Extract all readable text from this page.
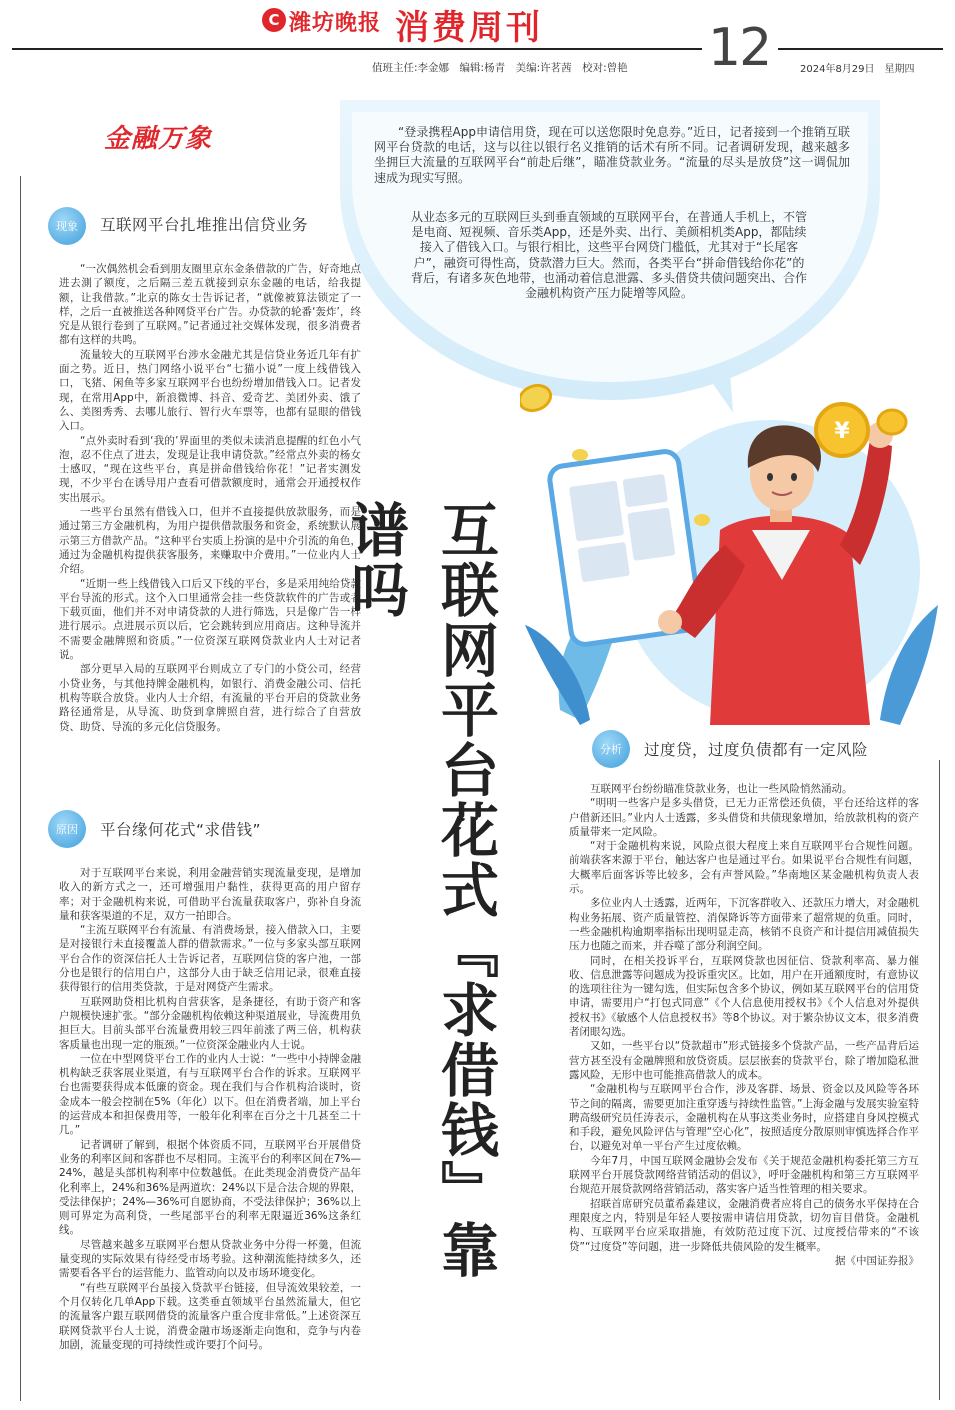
C 潍坊晚报 消费周刊	12
值班主任:李金娜　编辑:杨青　美编:许茗茜　校对:曾艳	2024年8月29日　星期四
金融万象	“登录携程App申请信用贷，现在可以送您限时免息券。”近日，记者接到一个推销互联网平台贷款的电话，这与以往以银行名义推销的话术有所不同。记者调研发现，越来越多坐拥巨大流量的互联网平台“前赴后继”，瞄准贷款业务。“流量的尽头是放贷”这一调侃加速成为现实写照。
从业态多元的互联网巨头到垂直领域的互联网平台，在普通人手机上，不管是电商、短视频、音乐类App，还是外卖、出行、美颜相机类App，都陆续接入了借钱入口。与银行相比，这些平台网贷门槛低，尤其对于“长尾客户”，融资可得性高，贷款潜力巨大。然而，各类平台“拼命借钱给你花”的背后，有诸多灰色地带，也涌动着信息泄露、多头借贷共债问题突出、合作金融机构资产压力陡增等风险。
现象	互联网平台扎堆推出信贷业务

“一次偶然机会看到朋友圈里京东金条借款的广告，好奇地点进去測了额度，之后隔三差五就接到京东金融的电话，给我提额，让我借款。”北京的陈女士告诉记者，“就像被算法锁定了一样，之后一直被推送各种网贷平台广告。办贷款的轮番‘轰炸’，终究是从银行卷到了互联网。”记者通过社交媒体发现，很多消费者都有这样的共鸣。

流量较大的互联网平台涉水金融尤其是信贷业务近几年有扩面之势。近日，热门网络小说平台“七猫小说”一度上线借钱入口，飞猪、闲鱼等多家互联网平台也纷纷增加借钱入口。记者发现，在常用App中，新浪微博、抖音、爱奇艺、美团外卖、饿了么、美图秀秀、去哪儿旅行、智行火车票等，也都有显眼的借钱入口。

“点外卖时看到‘我的’界面里的类似未读消息提醒的红色小气泡，忍不住点了进去，发现是让我申请贷款。”经常点外卖的杨女士感叹，“现在这些平台，真是拼命借钱给你花！”记者实测发现，不少平台在诱导用户查看可借款额度时，通常会开通授权作实出展示。

一些平台虽然有借钱入口，但并不直接提供放款服务，而是通过第三方金融机构，为用户提供借款服务和资金，系统默认展示第三方借款产品。“这种平台实质上扮演的是中介引流的角色，通过为金融机构提供获客服务，来赚取中介费用。”一位业内人士介绍。

“近期一些上线借钱入口后又下线的平台，多是采用纯给贷款平台导流的形式。这个入口里通常会挂一些贷款软件的广告或者下载页面，他们并不对申请贷款的人进行筛选，只是像广告一样进行展示。点进展示页以后，它会跳转到应用商店。这种导流并不需要金融牌照和资质。”一位资深互联网贷款业内人士对记者说。

部分更早入局的互联网平台则成立了专门的小贷公司，经营小贷业务，与其他持牌金融机构，如银行、消费金融公司、信托机构等联合放贷。业内人士介绍，有流量的平台开启的贷款业务路径通常是，从导流、助贷到拿牌照自营，进行综合了自营放贷、助贷、导流的多元化信贷服务。

原因	平台缘何花式“求借钱”

对于互联网平台来说，利用金融营销实现流量变现，是增加收入的新方式之一，还可增强用户黏性，获得更高的用户留存率；对于金融机构来说，可借助平台流量获取客户，弥补自身流量和获客渠道的不足，双方一拍即合。

“主流互联网平台有流量、有消费场景，接入借款入口，主要是对接银行未直接覆盖人群的借款需求。”一位与多家头部互联网平台合作的资深信托人士告诉记者，互联网信贷的客户池，一部分也是银行的信用白户，这部分人由于缺乏信用记录，很难直接获得银行的信用类贷款，于是对网贷产生需求。

互联网助贷相比机构自营获客，是条捷径，有助于资产和客户规模快速扩张。“部分金融机构依赖这种渠道展业，导流费用负担巨大。目前头部平台流量费用较三四年前涨了两三倍，机构获客质量也出现一定的瓶颈。”一位资深金融业内人士说。

一位在中型网贷平台工作的业内人士说：“一些中小持牌金融机构缺乏获客展业渠道，有与互联网平台合作的诉求。互联网平台也需要获得成本低廉的资金。现在我们与合作机构洽谈时，资金成本一般会控制在5%（年化）以下。但在消费者端，加上平台的运营成本和担保费用等，一般年化利率在百分之十几甚至二十几。”

记者调研了解到，根据个体资质不同，互联网平台开展借贷业务的利率区间和客群也不尽相同。主流平台的利率区间在7%—24%，越是头部机构利率中位数越低。在此类现金消费贷产品年化利率上，24%和36%是两道坎：24%以下是合法合规的界限，受法律保护；24%—36%可自愿协商，不受法律保护；36%以上则可界定为高利贷，一些尾部平台的利率无限逼近36%这条红线。

尽管越来越多互联网平台想从贷款业务中分得一杯羹，但流量变现的实际效果有待经受市场考验。这种潮流能持续多久，还需要看各平台的运营能力、监管动向以及市场环境变化。

“有些互联网平台虽接入贷款平台链接，但导流效果较差，一个月仅转化几单App下载。这类垂直领域平台虽然流量大，但它的流量客户跟互联网借贷的流量客户重合度非常低。”上述资深互联网贷款平台人士说，消费金融市场逐渐走向饱和，竞争与内卷加剧，流量变现的可持续性或许要打个问号。

互联网平台花式『求借钱』靠谱吗
¥
分析	过度贷，过度负债都有一定风险

互联网平台纷纷瞄准贷款业务，也让一些风险悄然涌动。

“明明一些客户是多头借贷，已无力正常偿还负债，平台还给这样的客户借新还旧。”业内人士透露，多头借贷和共债现象增加，给放款机构的资产质量带来一定风险。

“对于金融机构来说，风险点很大程度上来自互联网平台合规性问题。前端获客来源于平台，触达客户也是通过平台。如果说平台合规性有问题，大概率后面客诉等比较多，会有声誉风险。”华南地区某金融机构负责人表示。

多位业内人士透露，近两年，下沉客群收入、还款压力增大，对金融机构业务拓展、资产质量管控、消保降诉等方面带来了超常规的负重。同时，一些金融机构逾期率指标出现明显走高，核销不良资产和计提信用减值损失压力也随之而来，并吞噬了部分利润空间。

同时，在相关投诉平台，互联网贷款也因征信、贷款利率高、暴力催收、信息泄露等问题成为投诉重灾区。比如，用户在开通额度时，有意协议的选项往往为一键勾选，但实际包含多个协议，例如某互联网平台的信用贷申请，需要用户“打包式同意”《个人信息使用授权书》《个人信息对外提供授权书》《敏感个人信息授权书》等8个协议。对于繁杂协议文本，很多消费者闭眼勾选。

又如，一些平台以“贷款超市”形式链接多个贷款产品，一些产品背后运营方甚至没有金融牌照和放贷资质。层层嵌套的贷款平台，除了增加隐私泄露风险，无形中也可能推高借款人的成本。

“金融机构与互联网平台合作，涉及客群、场景、资金以及风险等各环节之间的隔离，需要更加注重穿透与持续性监管。”上海金融与发展实验室特聘高级研究员任涛表示，金融机构在从事这类业务时，应搭建自身风控模式和手段，避免风险评估与管理“空心化”，按照适度分散原则审慎选择合作平台，以避免对单一平台产生过度依赖。

今年7月，中国互联网金融协会发布《关于规范金融机构委托第三方互联网平台开展贷款网络营销活动的倡议》，呼吁金融机构和第三方互联网平台规范开展贷款网络营销活动，落实客户适当性管理的相关要求。

招联首席研究员董希淼建议，金融消费者应将自己的债务水平保持在合理限度之内，特别是年轻人要按需申请信用贷款，切勿盲目借贷。金融机构、互联网平台应采取措施，有效防范过度下沉、过度授信带来的“不该贷”“过度贷”等问题，进一步降低共债风险的发生概率。

据《中国证券报》
